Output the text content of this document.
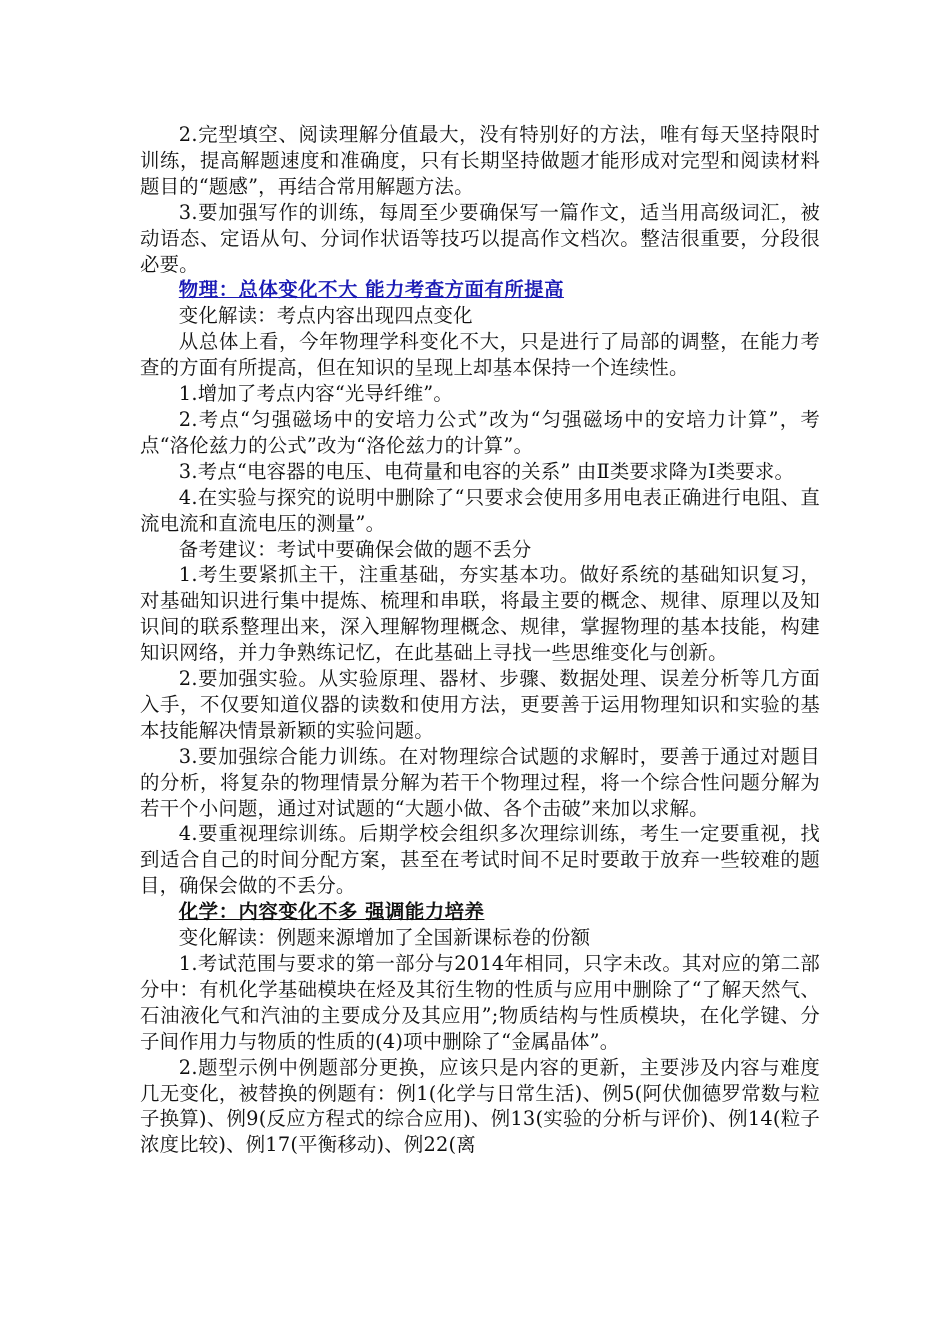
2.完型填空、阅读理解分值最大，没有特别好的方法，唯有每天坚持限时训练，提高解题速度和准确度，只有长期坚持做题才能形成对完型和阅读材料题目的“题感”，再结合常用解题方法。

3.要加强写作的训练，每周至少要确保写一篇作文，适当用高级词汇，被动语态、定语从句、分词作状语等技巧以提高作文档次。整洁很重要，分段很必要。

物理：总体变化不大 能力考查方面有所提高

变化解读：考点内容出现四点变化

从总体上看，今年物理学科变化不大，只是进行了局部的调整，在能力考查的方面有所提高，但在知识的呈现上却基本保持一个连续性。

1.增加了考点内容“光导纤维”。

2.考点“匀强磁场中的安培力公式”改为“匀强磁场中的安培力计算”，考点“洛伦兹力的公式”改为“洛伦兹力的计算”。

3.考点“电容器的电压、电荷量和电容的关系” 由Ⅱ类要求降为Ⅰ类要求。

4.在实验与探究的说明中删除了“只要求会使用多用电表正确进行电阻、直流电流和直流电压的测量”。

备考建议：考试中要确保会做的题不丢分

1.考生要紧抓主干，注重基础，夯实基本功。做好系统的基础知识复习，对基础知识进行集中提炼、梳理和串联，将最主要的概念、规律、原理以及知识间的联系整理出来，深入理解物理概念、规律，掌握物理的基本技能，构建知识网络，并力争熟练记忆，在此基础上寻找一些思维变化与创新。

2.要加强实验。从实验原理、器材、步骤、数据处理、误差分析等几方面入手，不仅要知道仪器的读数和使用方法，更要善于运用物理知识和实验的基本技能解决情景新颖的实验问题。

3.要加强综合能力训练。在对物理综合试题的求解时，要善于通过对题目的分析，将复杂的物理情景分解为若干个物理过程，将一个综合性问题分解为若干个小问题，通过对试题的“大题小做、各个击破”来加以求解。

4.要重视理综训练。后期学校会组织多次理综训练，考生一定要重视，找到适合自己的时间分配方案，甚至在考试时间不足时要敢于放弃一些较难的题目，确保会做的不丢分。

化学：内容变化不多 强调能力培养

变化解读：例题来源增加了全国新课标卷的份额

1.考试范围与要求的第一部分与2014年相同，只字未改。其对应的第二部分中：有机化学基础模块在烃及其衍生物的性质与应用中删除了“了解天然气、石油液化气和汽油的主要成分及其应用”;物质结构与性质模块，在化学键、分子间作用力与物质的性质的(4)项中删除了“金属晶体”。

2.题型示例中例题部分更换，应该只是内容的更新，主要涉及内容与难度几无变化，被替换的例题有：例1(化学与日常生活)、例5(阿伏伽德罗常数与粒子换算)、例9(反应方程式的综合应用)、例13(实验的分析与评价)、例14(粒子浓度比较)、例17(平衡移动)、例22(离
